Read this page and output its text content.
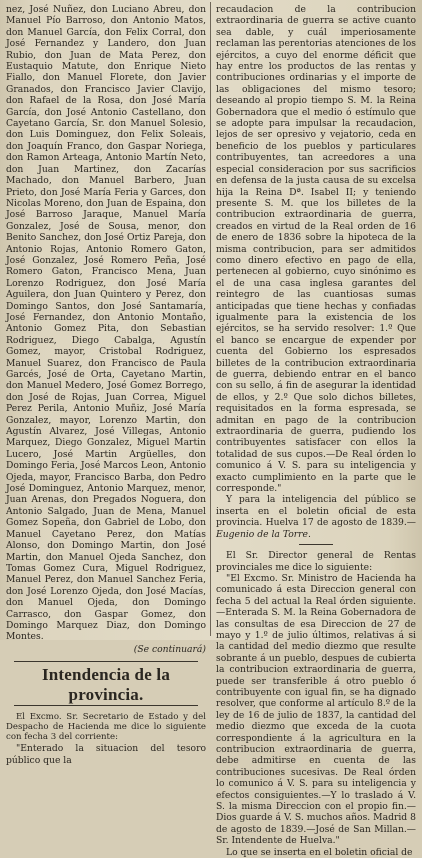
nez, José Nuñez, don Luciano Abreu, don Manuel Pío Barroso, don Antonio Matos, don Manuel García, don Felix Corral, don José Fernandez y Landero, don Juan Rubio, don Juan de Mata Perez, don Eustaquio Matute, don Enrique Nieto Fiallo, don Manuel Florete, don Javier Granados, don Francisco Javier Clavijo, don Rafael de la Rosa, don José María García, don José Antonio Castellano, don Cayetano García, Sr. don Manuel Solesio, don Luis Dominguez, don Felix Soleais, don Joaquín Franco, don Gaspar Noriega, don Ramon Arteaga, Antonio Martín Neto, don Juan Martinez, don Zacarías Machado, don Manuel Barbero, Juan Prieto, don José María Feria y Garces, don Nicolas Moreno, don Juan de Espaina, don José Barroso Jaraque, Manuel María Gonzalez, José de Sousa, menor, don Benito Sanchez, don José Ortiz Pareja, don Antonio Rojas, Antonio Romero Gaton, José Gonzalez, José Romero Peña, José Romero Gaton, Francisco Mena, Juan Lorenzo Rodriguez, don José María Aguilera, don Juan Quintero y Perez, don Domingo Santos, don José Santamaría, José Fernandez, don Antonio Montaño, Antonio Gomez Pita, don Sebastian Rodriguez, Diego Cabalga, Agustín Gomez, mayor, Cristobal Rodriguez, Manuel Suarez, don Francisco de Paula Garcés, José de Orta, Cayetano Martin, don Manuel Medero, José Gomez Borrego, don José de Rojas, Juan Correa, Miguel Perez Perila, Antonio Muñiz, José María Gonzalez, mayor, Lorenzo Martin, don Agustín Alvarez, José Villegas, Antonio Marquez, Diego Gonzalez, Miguel Martin Lucero, José Martin Argüelles, don Domingo Feria, José Marcos Leon, Antonio Ojeda, mayor, Francisco Barba, don Pedro José Dominguez, Antonio Marquez, menor, Juan Arenas, don Pregados Noguera, don Antonio Salgado, Juan de Mena, Manuel Gomez Sopeña, don Gabriel de Lobo, don Manuel Cayetano Perez, don Matías Alonso, don Domingo Martin, don José Martin, don Manuel Ojeda Sanchez, don Tomas Gomez Cura, Miguel Rodriguez, Manuel Perez, don Manuel Sanchez Feria, don José Lorenzo Ojeda, don José Macías, don Manuel Ojeda, don Domingo Carrasco, don Gaspar Gomez, don Domingo Marquez Diaz, don Domingo Montes.

(Se continuará)

Intendencia de la provincia.

El Excmo. Sr. Secretario de Estado y del Despacho de Hacienda me dice lo siguiente con fecha 3 del corriente:

"Enterado la situacion del tesoro público que la

recaudacion de la contribucion extraordinaria de guerra se active cuanto sea dable, y cuál imperiosamente reclaman las perentorias atenciones de los ejércitos, a cuyo del enorme déficit que hay entre los productos de las rentas y contribuciones ordinarias y el importe de las obligaciones del mismo tesoro; deseando al propio tiempo S. M. la Reina Gobernadora que el medio ó estímulo que se adopte para impulsar la recaudacion, lejos de ser opresivo y vejatorio, ceda en beneficio de los pueblos y particulares contribuyentes, tan acreedores a una especial consideracion por sus sacrificios en defensa de la justa causa de su excelsa hija la Reina Dª. Isabel II; y teniendo presente S. M. que los billetes de la contribucion extraordinaria de guerra, creados en virtud de la Real orden de 16 de enero de 1836 sobre la hipoteca de la misma contribucion, para ser admitidos como dinero efectivo en pago de ella, pertenecen al gobierno, cuyo sinónimo es el de una casa inglesa garantes del reintegro de las cuantiosas sumas anticipadas que tiene hechas y confiadas igualmente para la existencia de los ejércitos, se ha servido resolver: 1.º Que el banco se encargue de expender por cuenta del Gobierno los espresados billetes de la contribucion extraordinaria de guerra, debiendo entrar en el banco con su sello, á fin de asegurar la identidad de ellos, y 2.º Que solo dichos billetes, requisitados en la forma espresada, se admitan en pago de la contribucion extraordinaria de guerra, pudiendo los contribuyentes satisfacer con ellos la totalidad de sus cupos.—De Real órden lo comunico á V. S. para su inteligencia y exacto cumplimiento en la parte que le corresponde."

Y para la inteligencia del público se inserta en el boletin oficial de esta provincia. Huelva 17 de agosto de 1839.—Eugenio de la Torre.

El Sr. Director general de Rentas provinciales me dice lo siguiente:

"El Excmo. Sr. Ministro de Hacienda ha comunicado á esta Direccion general con fecha 5 del actual la Real órden siguiente.—Enterada S. M. la Reina Gobernadora de las consultas de esa Direccion de 27 de mayo y 1.º de julio últimos, relativas á si la cantidad del medio diezmo que resulte sobrante á un pueblo, despues de cubierta la contribucion extraordinaria de guerra, puede ser transferible á otro pueblo ó contribuyente con igual fin, se ha dignado resolver, que conforme al artículo 8.º de la ley de 16 de julio de 1837, la cantidad del medio diezmo que exceda de la cuota correspondiente á la agricultura en la contribucion extraordinaria de guerra, debe admitirse en cuenta de las contribuciones sucesivas. De Real órden lo comunico á V. S. para su inteligencia y efectos consiguientes.—Y lo traslado á V. S. la misma Direccion con el propio fin.—Dios guarde á V. S. muchos años. Madrid 8 de agosto de 1839.—José de San Millan.—Sr. Intendente de Huelva."

Lo que se inserta en el boletin oficial de
